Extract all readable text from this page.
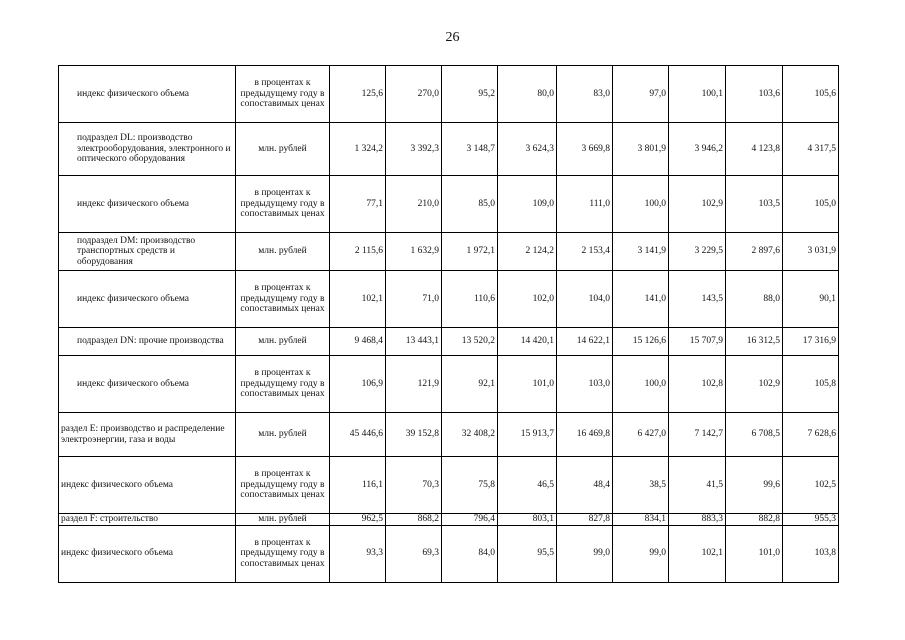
26
индекс физического объема	в процентах к предыдущему году в сопоставимых ценах	125,6	270,0	95,2	80,0	83,0	97,0	100,1	103,6	105,6
подраздел DL: производство электрооборудования, электронного и оптического оборудования	млн. рублей	1 324,2	3 392,3	3 148,7	3 624,3	3 669,8	3 801,9	3 946,2	4 123,8	4 317,5
индекс физического объема	в процентах к предыдущему году в сопоставимых ценах	77,1	210,0	85,0	109,0	111,0	100,0	102,9	103,5	105,0
подраздел DM: производство транспортных средств и оборудования	млн. рублей	2 115,6	1 632,9	1 972,1	2 124,2	2 153,4	3 141,9	3 229,5	2 897,6	3 031,9
индекс физического объема	в процентах к предыдущему году в сопоставимых ценах	102,1	71,0	110,6	102,0	104,0	141,0	143,5	88,0	90,1
подраздел DN: прочие производства	млн. рублей	9 468,4	13 443,1	13 520,2	14 420,1	14 622,1	15 126,6	15 707,9	16 312,5	17 316,9
индекс физического объема	в процентах к предыдущему году в сопоставимых ценах	106,9	121,9	92,1	101,0	103,0	100,0	102,8	102,9	105,8
раздел E: производство и распределение электроэнергии, газа и воды	млн. рублей	45 446,6	39 152,8	32 408,2	15 913,7	16 469,8	6 427,0	7 142,7	6 708,5	7 628,6
индекс физического объема	в процентах к предыдущему году в сопоставимых ценах	116,1	70,3	75,8	46,5	48,4	38,5	41,5	99,6	102,5
раздел F: строительство	млн. рублей	962,5	868,2	796,4	803,1	827,8	834,1	883,3	882,8	955,3
индекс физического объема	в процентах к предыдущему году в сопоставимых ценах	93,3	69,3	84,0	95,5	99,0	99,0	102,1	101,0	103,8
